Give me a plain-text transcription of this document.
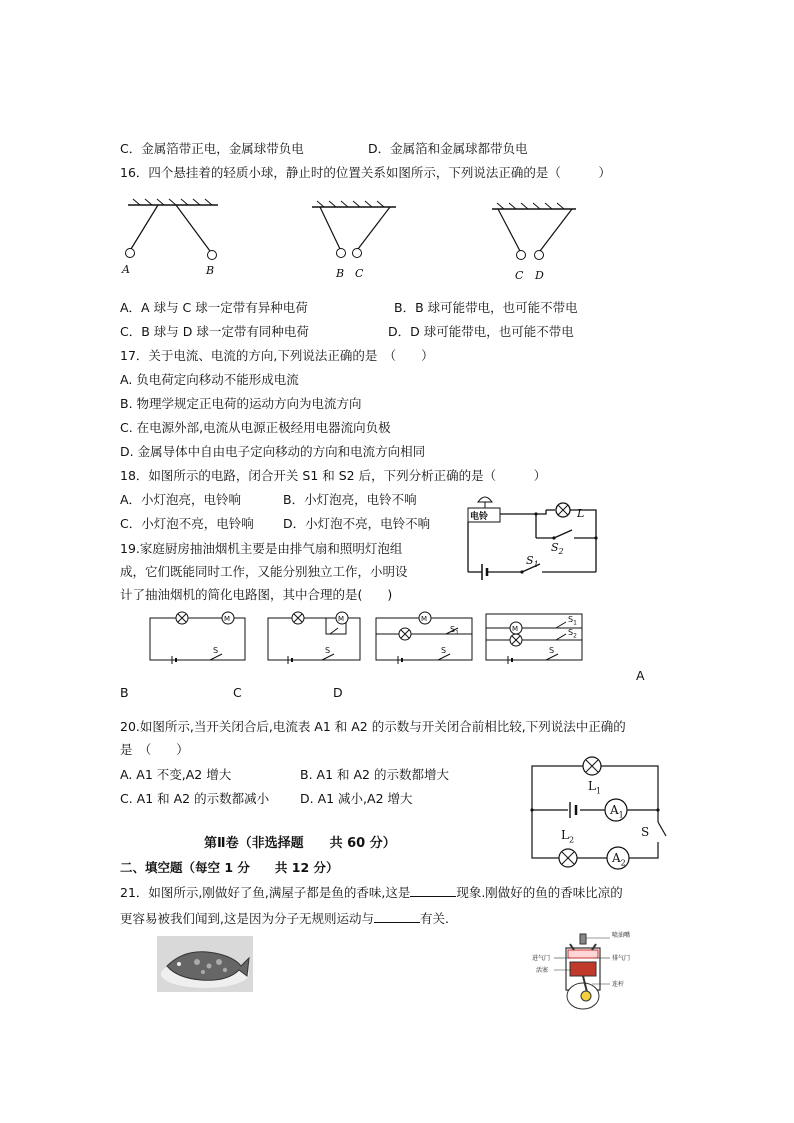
C．金属箔带正电，金属球带负电	D．金属箔和金属球都带负电
16．四个悬挂着的轻质小球，静止时的位置关系如图所示，下列说法正确的是（　　　）
A	B	B C	C D
A．A 球与 C 球一定带有异种电荷	B．B 球可能带电，也可能不带电
C．B 球与 D 球一定带有同种电荷	D．D 球可能带电，也可能不带电
17．关于电流、电流的方向,下列说法正确的是　（　　）
A. 负电荷定向移动不能形成电流
B. 物理学规定正电荷的运动方向为电流方向
C. 在电源外部,电流从电源正极经用电器流向负极
D. 金属导体中自由电子定向移动的方向和电流方向相同
18．如图所示的电路，闭合开关 S1 和 S2 后，下列分析正确的是（　　　）
A．小灯泡亮，电铃响	B．小灯泡亮，电铃不响
C．小灯泡不亮，电铃响 D．小灯泡不亮，电铃不响	电铃	L
$S_2$
$S_1$
19.家庭厨房抽油烟机主要是由排气扇和照明灯泡组
成，它们既能同时工作，又能分别独立工作，小明设
计了抽油烟机的简化电路图，其中合理的是(　　)
M	M	M
M
S	S	S
$S_1$
S
$S_1$
$S_2$
A
B	C	D
20.如图所示,当开关闭合后,电流表 A1 和 A2 的示数与开关闭合前相比较,下列说法中正确的
是　（　　）
A. A1 不变,A2 增大	B. A1 和 A2 的示数都增大
C. A1 和 A2 的示数都减小 D. A1 减小,A2 增大
$L_1$
$A_1$
$L_2$
S
$A_2$
第Ⅱ卷（非选择题　　共 60 分）
二、填空题（每空 1 分　　共 12 分）
21．如图所示,刚做好了鱼,满屋子都是鱼的香味,这是	现象.刚做好的鱼的香味比凉的
更容易被我们闻到,这是因为分子无规则运动与	有关.
喷油嘴
进气门	排气门
活塞
连杆
